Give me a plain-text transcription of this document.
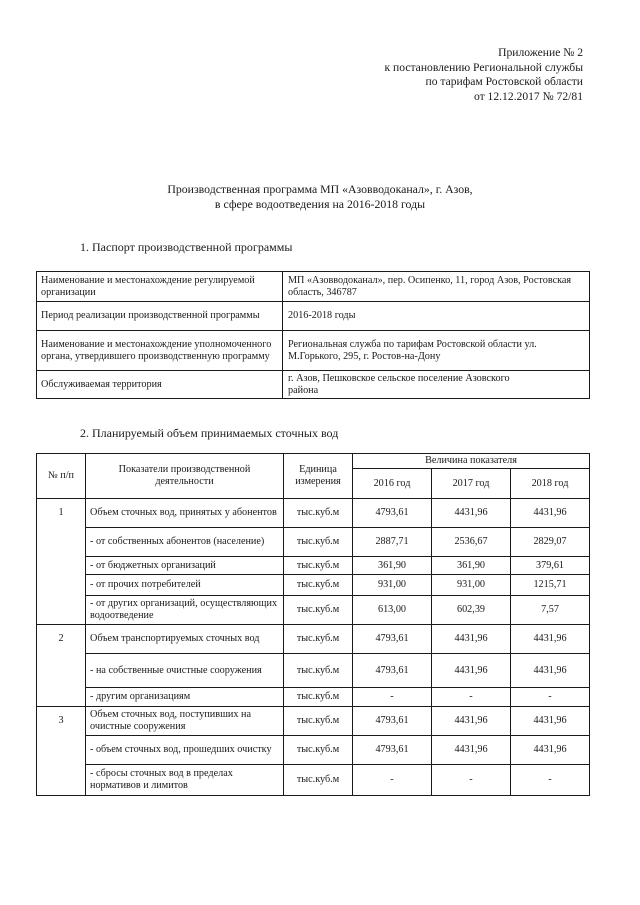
Приложение № 2
к постановлению Региональной службы
по тарифам Ростовской области
от 12.12.2017 № 72/81
Производственная программа МП «Азовводоканал», г. Азов,
в сфере водоотведения на 2016-2018 годы
1. Паспорт производственной программы
Наименование и местонахождение регулируемой организации	МП «Азовводоканал», пер. Осипенко, 11, город Азов, Ростовская область, 346787
Период реализации производственной программы	2016-2018 годы
Наименование и местонахождение уполномоченного органа, утвердившего производственную программу	Региональная служба по тарифам Ростовской области ул. М.Горького, 295, г. Ростов-на-Дону
Обслуживаемая территория	г. Азов, Пешковское сельское поселение Азовского
района
2. Планируемый объем принимаемых сточных вод
№ п/п	Показатели производственной деятельности	Единица измерения	Величина показателя		
			2016 год	2017 год	2018 год
1	Объем сточных вод, принятых у абонентов	тыс.куб.м	4793,61	4431,96	4431,96
	- от собственных абонентов (население)	тыс.куб.м	2887,71	2536,67	2829,07
	- от бюджетных организаций	тыс.куб.м	361,90	361,90	379,61
	- от прочих потребителей	тыс.куб.м	931,00	931,00	1215,71
	- от других организаций, осуществляющих водоотведение	тыс.куб.м	613,00	602,39	7,57
2	Объем транспортируемых сточных вод	тыс.куб.м	4793,61	4431,96	4431,96
	- на собственные очистные сооружения	тыс.куб.м	4793,61	4431,96	4431,96
	- другим организациям	тыс.куб.м	-	-	-
3	Объем сточных вод, поступивших на очистные сооружения	тыс.куб.м	4793,61	4431,96	4431,96
	- объем сточных вод, прошедших очистку	тыс.куб.м	4793,61	4431,96	4431,96
	- сбросы сточных вод в пределах нормативов и лимитов	тыс.куб.м	-	-	-
